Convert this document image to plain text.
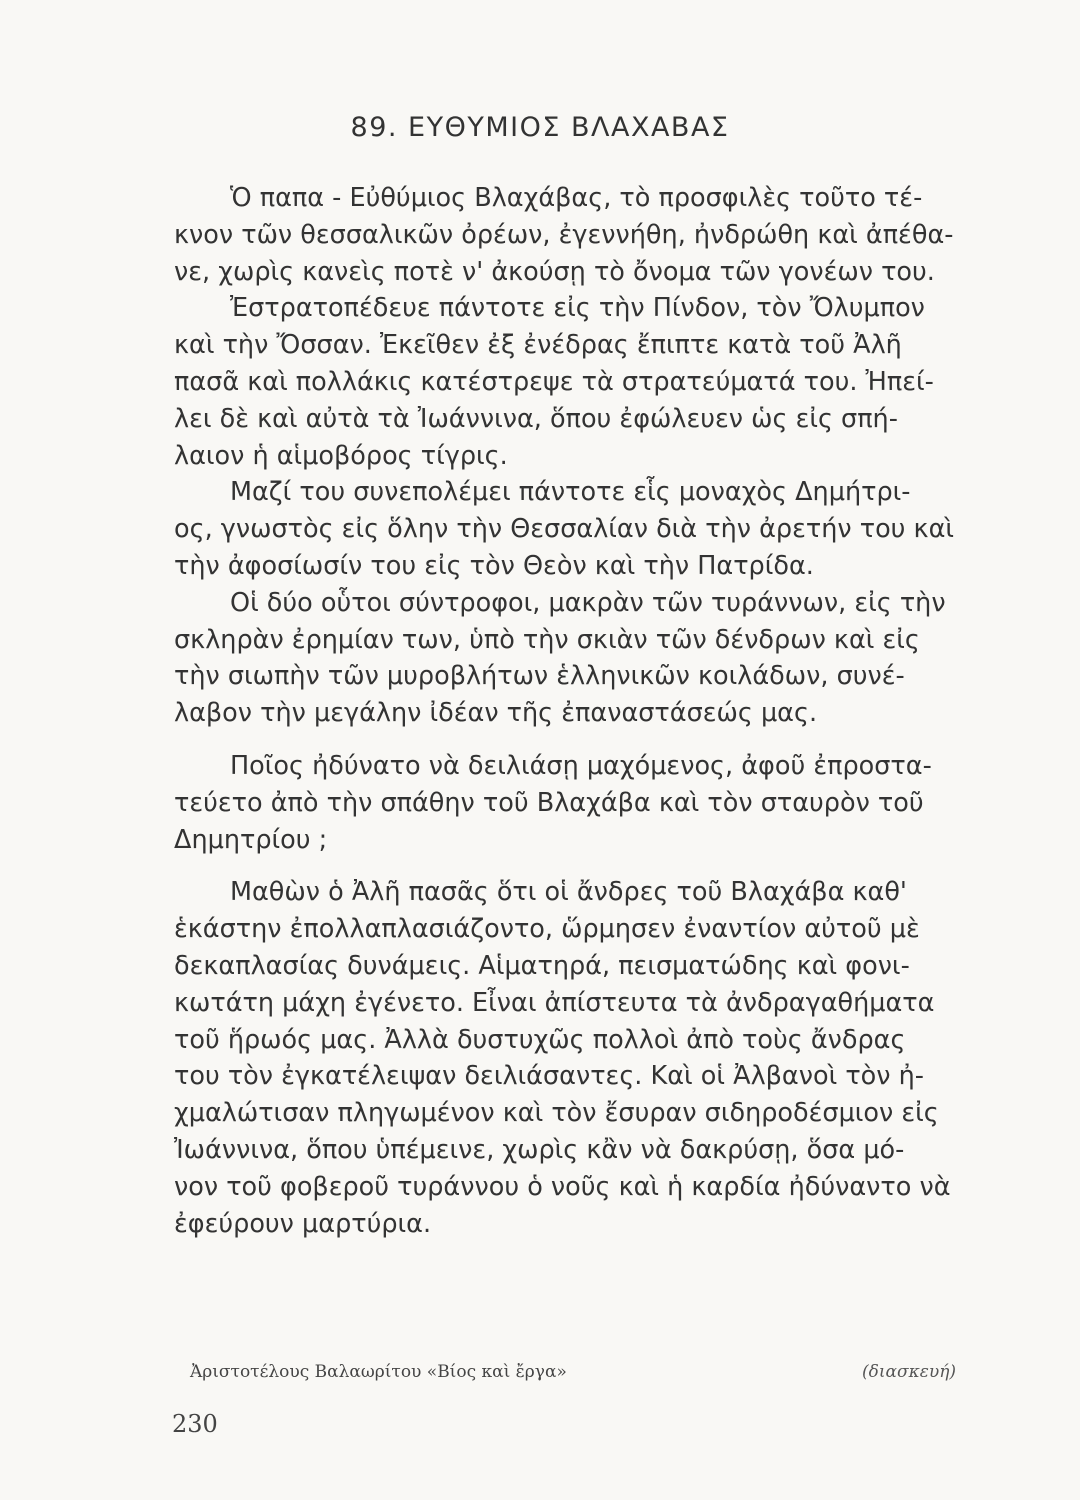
89. ΕΥΘΥΜΙΟΣ ΒΛΑΧΑΒΑΣ
Ὁ παπα - Εὐθύμιος Βλαχάβας, τὸ προσφιλὲς τοῦτο τέ-
κνον τῶν θεσσαλικῶν ὀρέων, ἐγεννήθη, ἠνδρώθη καὶ ἀπέθα-
νε, χωρὶς κανεὶς ποτὲ ν' ἀκούσῃ τὸ ὄνομα τῶν γονέων του.
Ἐστρατοπέδευε πάντοτε εἰς τὴν Πίνδον, τὸν Ὄλυμπον
καὶ τὴν Ὄσσαν. Ἐκεῖθεν ἐξ ἐνέδρας ἔπιπτε κατὰ τοῦ Ἀλῆ
πασᾶ καὶ πολλάκις κατέστρεψε τὰ στρατεύματά του. Ἠπεί-
λει δὲ καὶ αὐτὰ τὰ Ἰωάννινα, ὅπου ἐφώλευεν ὡς εἰς σπή-
λαιον ἡ αἱμοβόρος τίγρις.
Μαζί του συνεπολέμει πάντοτε εἷς μοναχὸς Δημήτρι-
ος, γνωστὸς εἰς ὅλην τὴν Θεσσαλίαν διὰ τὴν ἀρετήν του καὶ
τὴν ἀφοσίωσίν του εἰς τὸν Θεὸν καὶ τὴν Πατρίδα.
Οἱ δύο οὗτοι σύντροφοι, μακρὰν τῶν τυράννων, εἰς τὴν
σκληρὰν ἐρημίαν των, ὑπὸ τὴν σκιὰν τῶν δένδρων καὶ εἰς
τὴν σιωπὴν τῶν μυροβλήτων ἑλληνικῶν κοιλάδων, συνέ-
λαβον τὴν μεγάλην ἰδέαν τῆς ἐπαναστάσεώς μας.
Ποῖος ἠδύνατο νὰ δειλιάσῃ μαχόμενος, ἀφοῦ ἐπροστα-
τεύετο ἀπὸ τὴν σπάθην τοῦ Βλαχάβα καὶ τὸν σταυρὸν τοῦ
Δημητρίου ;
Μαθὼν ὁ Ἀλῆ πασᾶς ὅτι οἱ ἄνδρες τοῦ Βλαχάβα καθ'
ἑκάστην ἐπολλαπλασιάζοντο, ὥρμησεν ἐναντίον αὐτοῦ μὲ
δεκαπλασίας δυνάμεις. Αἱματηρά, πεισματώδης καὶ φονι-
κωτάτη μάχη ἐγένετο. Εἶναι ἀπίστευτα τὰ ἀνδραγαθήματα
τοῦ ἥρωός μας. Ἀλλὰ δυστυχῶς πολλοὶ ἀπὸ τοὺς ἄνδρας
του τὸν ἐγκατέλειψαν δειλιάσαντες. Καὶ οἱ Ἀλβανοὶ τὸν ἠ-
χμαλώτισαν πληγωμένον καὶ τὸν ἔσυραν σιδηροδέσμιον εἰς
Ἰωάννινα, ὅπου ὑπέμεινε, χωρὶς κἂν νὰ δακρύσῃ, ὅσα μό-
νον τοῦ φοβεροῦ τυράννου ὁ νοῦς καὶ ἡ καρδία ἠδύναντο νὰ
ἐφεύρουν μαρτύρια.
Ἀριστοτέλους Βαλαωρίτου «Βίος καὶ ἔργα»	(διασκευή)
230
